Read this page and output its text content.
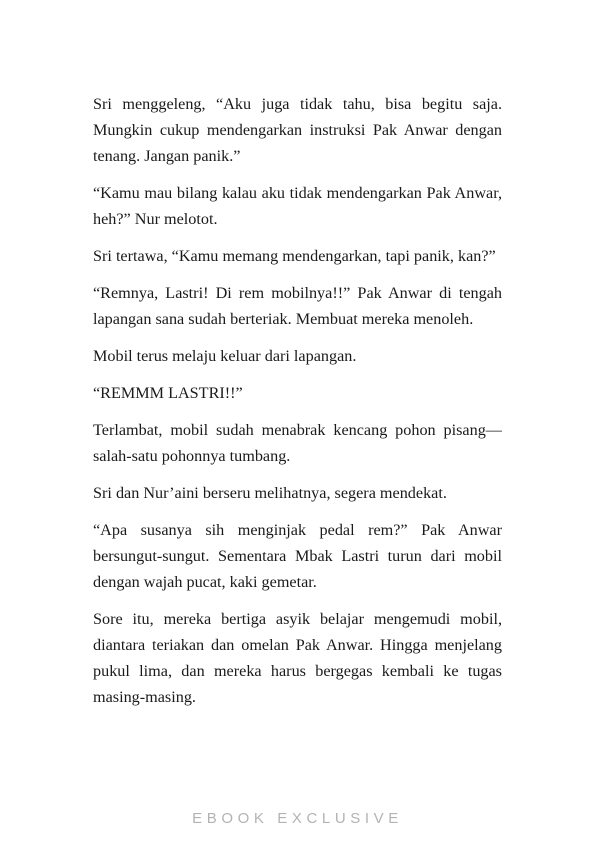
Sri menggeleng, “Aku juga tidak tahu, bisa begitu saja. Mungkin cukup mendengarkan instruksi Pak Anwar dengan tenang. Jangan panik.”

“Kamu mau bilang kalau aku tidak mendengarkan Pak Anwar, heh?” Nur melotot.

Sri tertawa, “Kamu memang mendengarkan, tapi panik, kan?”

“Remnya, Lastri! Di rem mobilnya!!” Pak Anwar di tengah lapangan sana sudah berteriak. Membuat mereka menoleh.

Mobil terus melaju keluar dari lapangan.

“REMMM LASTRI!!”

Terlambat, mobil sudah menabrak kencang pohon pisang—salah-satu pohonnya tumbang.

Sri dan Nur’aini berseru melihatnya, segera mendekat.

“Apa susanya sih menginjak pedal rem?” Pak Anwar bersungut-sungut. Sementara Mbak Lastri turun dari mobil dengan wajah pucat, kaki gemetar.

Sore itu, mereka bertiga asyik belajar mengemudi mobil, diantara teriakan dan omelan Pak Anwar. Hingga menjelang pukul lima, dan mereka harus bergegas kembali ke tugas masing-masing.

EBOOK EXCLUSIVE
